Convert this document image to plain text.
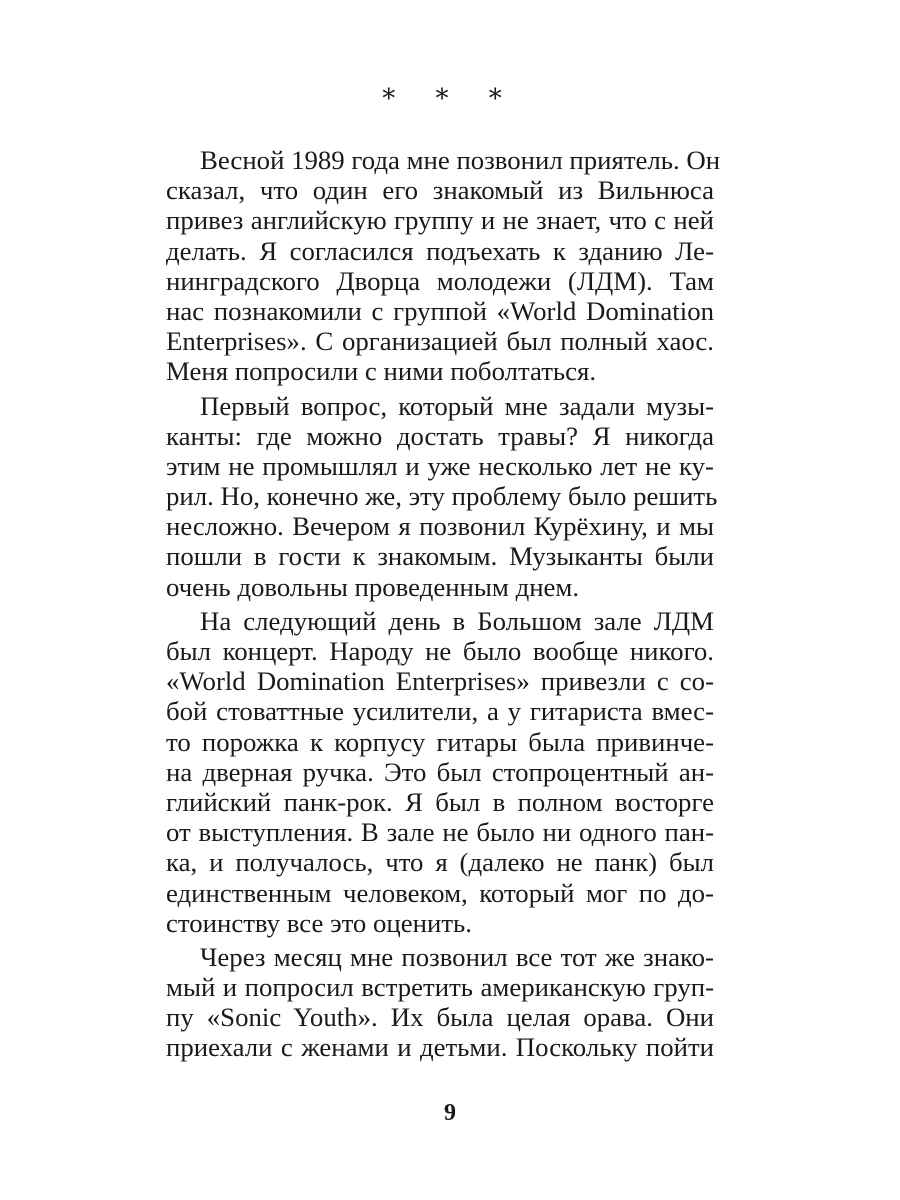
* * *
Весной 1989 года мне позвонил приятель. Он
сказал, что один его знакомый из Вильнюса
привез английскую группу и не знает, что с ней
делать. Я согласился подъехать к зданию Ле-
нинградского Дворца молодежи (ЛДМ). Там
нас познакомили с группой «World Domination
Enterprises». С организацией был полный хаос.
Меня попросили с ними поболтаться.
Первый вопрос, который мне задали музы-
канты: где можно достать травы? Я никогда
этим не промышлял и уже несколько лет не ку-
рил. Но, конечно же, эту проблему было решить
несложно. Вечером я позвонил Курёхину, и мы
пошли в гости к знакомым. Музыканты были
очень довольны проведенным днем.
На следующий день в Большом зале ЛДМ
был концерт. Народу не было вообще никого.
«World Domination Enterprises» привезли с со-
бой стоваттные усилители, а у гитариста вмес-
то порожка к корпусу гитары была привинче-
на дверная ручка. Это был стопроцентный ан-
глийский панк-рок. Я был в полном восторге
от выступления. В зале не было ни одного пан-
ка, и получалось, что я (далеко не панк) был
единственным человеком, который мог по до-
стоинству все это оценить.
Через месяц мне позвонил все тот же знако-
мый и попросил встретить американскую груп-
пу «Sonic Youth». Их была целая орава. Они
приехали с женами и детьми. Поскольку пойти
9
